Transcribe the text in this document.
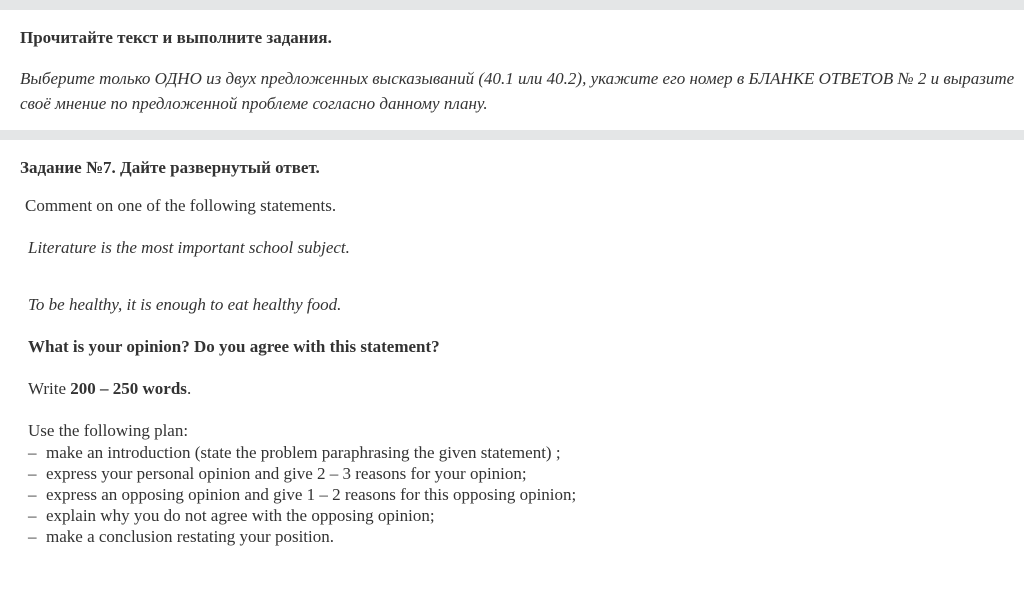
Прочитайте текст и выполните задания.
Выберите только ОДНО из двух предложенных высказываний (40.1 или 40.2), укажите его номер в БЛАНКЕ ОТВЕТОВ № 2 и выразите своё мнение по предложенной проблеме согласно данному плану.
Задание №7. Дайте развернутый ответ.
Comment on one of the following statements.
Literature is the most important school subject.
To be healthy, it is enough to eat healthy food.
What is your opinion? Do you agree with this statement?
Write 200 – 250 words.
Use the following plan:
– make an introduction (state the problem paraphrasing the given statement) ;
– express your personal opinion and give 2 – 3 reasons for your opinion;
– express an opposing opinion and give 1 – 2 reasons for this opposing opinion;
– explain why you do not agree with the opposing opinion;
– make a conclusion restating your position.
